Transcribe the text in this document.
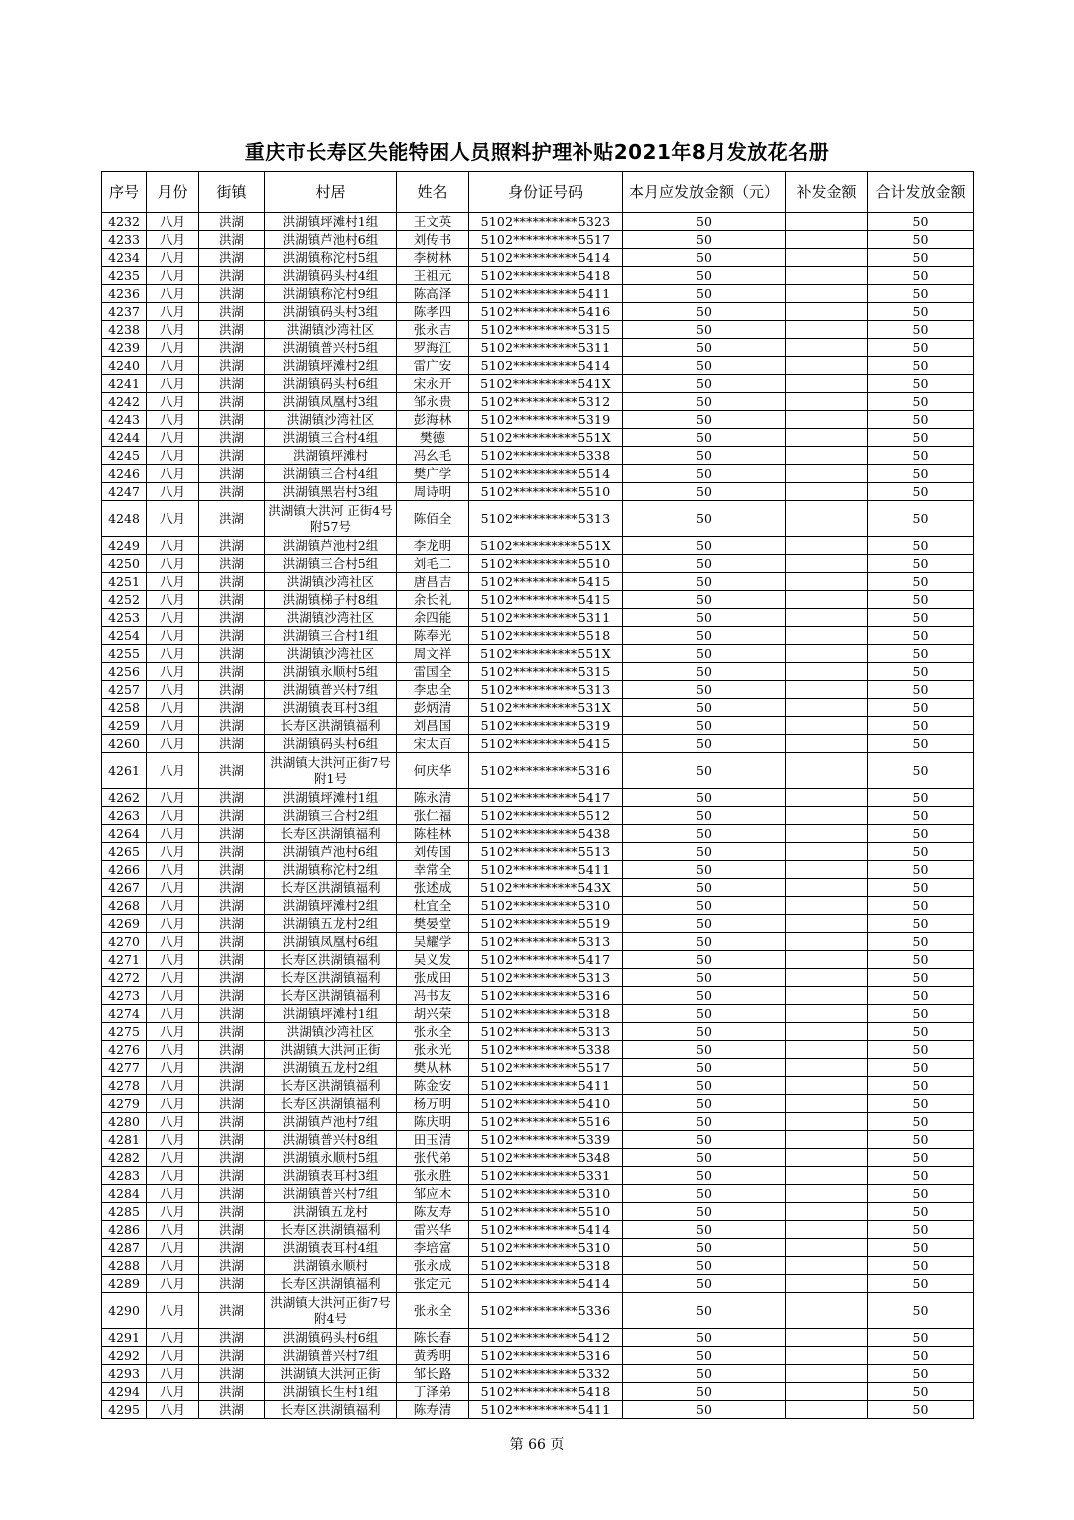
重庆市长寿区失能特困人员照料护理补贴2021年8月发放花名册
序号	月份	街镇	村居	姓名	身份证号码	本月应发放金额（元）	补发金额	合计发放金额
4232	八月	洪湖	洪湖镇坪滩村1组	王文英	5102**********5323	50		50
4233	八月	洪湖	洪湖镇芦池村6组	刘传书	5102**********5517	50		50
4234	八月	洪湖	洪湖镇称沱村5组	李树林	5102**********5414	50		50
4235	八月	洪湖	洪湖镇码头村4组	王祖元	5102**********5418	50		50
4236	八月	洪湖	洪湖镇称沱村9组	陈高泽	5102**********5411	50		50
4237	八月	洪湖	洪湖镇码头村3组	陈孝四	5102**********5416	50		50
4238	八月	洪湖	洪湖镇沙湾社区	张永吉	5102**********5315	50		50
4239	八月	洪湖	洪湖镇普兴村5组	罗海江	5102**********5311	50		50
4240	八月	洪湖	洪湖镇坪滩村2组	雷广安	5102**********5414	50		50
4241	八月	洪湖	洪湖镇码头村6组	宋永开	5102**********541X	50		50
4242	八月	洪湖	洪湖镇凤凰村3组	邹永贵	5102**********5312	50		50
4243	八月	洪湖	洪湖镇沙湾社区	彭海林	5102**********5319	50		50
4244	八月	洪湖	洪湖镇三合村4组	樊德	5102**********551X	50		50
4245	八月	洪湖	洪湖镇坪滩村	冯幺毛	5102**********5338	50		50
4246	八月	洪湖	洪湖镇三合村4组	樊广学	5102**********5514	50		50
4247	八月	洪湖	洪湖镇黑岩村3组	周诗明	5102**********5510	50		50
4248	八月	洪湖	洪湖镇大洪河 正街4号附57号	陈佰全	5102**********5313	50		50
4249	八月	洪湖	洪湖镇芦池村2组	李龙明	5102**********551X	50		50
4250	八月	洪湖	洪湖镇三合村5组	刘毛二	5102**********5510	50		50
4251	八月	洪湖	洪湖镇沙湾社区	唐昌吉	5102**********5415	50		50
4252	八月	洪湖	洪湖镇梯子村8组	余长礼	5102**********5415	50		50
4253	八月	洪湖	洪湖镇沙湾社区	余四能	5102**********5311	50		50
4254	八月	洪湖	洪湖镇三合村1组	陈奉光	5102**********5518	50		50
4255	八月	洪湖	洪湖镇沙湾社区	周文祥	5102**********551X	50		50
4256	八月	洪湖	洪湖镇永顺村5组	雷国全	5102**********5315	50		50
4257	八月	洪湖	洪湖镇普兴村7组	李忠全	5102**********5313	50		50
4258	八月	洪湖	洪湖镇表耳村3组	彭炳清	5102**********531X	50		50
4259	八月	洪湖	长寿区洪湖镇福利	刘昌国	5102**********5319	50		50
4260	八月	洪湖	洪湖镇码头村6组	宋太百	5102**********5415	50		50
4261	八月	洪湖	洪湖镇大洪河正街7号附1号	何庆华	5102**********5316	50		50
4262	八月	洪湖	洪湖镇坪滩村1组	陈永清	5102**********5417	50		50
4263	八月	洪湖	洪湖镇三合村2组	张仁福	5102**********5512	50		50
4264	八月	洪湖	长寿区洪湖镇福利	陈桂林	5102**********5438	50		50
4265	八月	洪湖	洪湖镇芦池村6组	刘传国	5102**********5513	50		50
4266	八月	洪湖	洪湖镇称沱村2组	幸常全	5102**********5411	50		50
4267	八月	洪湖	长寿区洪湖镇福利	张述成	5102**********543X	50		50
4268	八月	洪湖	洪湖镇坪滩村2组	杜宜全	5102**********5310	50		50
4269	八月	洪湖	洪湖镇五龙村2组	樊晏堂	5102**********5519	50		50
4270	八月	洪湖	洪湖镇凤凰村6组	吴耀学	5102**********5313	50		50
4271	八月	洪湖	长寿区洪湖镇福利	吴义发	5102**********5417	50		50
4272	八月	洪湖	长寿区洪湖镇福利	张成田	5102**********5313	50		50
4273	八月	洪湖	长寿区洪湖镇福利	冯书友	5102**********5316	50		50
4274	八月	洪湖	洪湖镇坪滩村1组	胡兴荣	5102**********5318	50		50
4275	八月	洪湖	洪湖镇沙湾社区	张永全	5102**********5313	50		50
4276	八月	洪湖	洪湖镇大洪河正街	张永光	5102**********5338	50		50
4277	八月	洪湖	洪湖镇五龙村2组	樊从林	5102**********5517	50		50
4278	八月	洪湖	长寿区洪湖镇福利	陈金安	5102**********5411	50		50
4279	八月	洪湖	长寿区洪湖镇福利	杨万明	5102**********5410	50		50
4280	八月	洪湖	洪湖镇芦池村7组	陈庆明	5102**********5516	50		50
4281	八月	洪湖	洪湖镇普兴村8组	田玉清	5102**********5339	50		50
4282	八月	洪湖	洪湖镇永顺村5组	张代弟	5102**********5348	50		50
4283	八月	洪湖	洪湖镇表耳村3组	张永胜	5102**********5331	50		50
4284	八月	洪湖	洪湖镇普兴村7组	邹应木	5102**********5310	50		50
4285	八月	洪湖	洪湖镇五龙村	陈友寿	5102**********5510	50		50
4286	八月	洪湖	长寿区洪湖镇福利	雷兴华	5102**********5414	50		50
4287	八月	洪湖	洪湖镇表耳村4组	李培富	5102**********5310	50		50
4288	八月	洪湖	洪湖镇永顺村	张永成	5102**********5318	50		50
4289	八月	洪湖	长寿区洪湖镇福利	张定元	5102**********5414	50		50
4290	八月	洪湖	洪湖镇大洪河正街7号附4号	张永全	5102**********5336	50		50
4291	八月	洪湖	洪湖镇码头村6组	陈长春	5102**********5412	50		50
4292	八月	洪湖	洪湖镇普兴村7组	黄秀明	5102**********5316	50		50
4293	八月	洪湖	洪湖镇大洪河正街	邹长路	5102**********5332	50		50
4294	八月	洪湖	洪湖镇长生村1组	丁泽弟	5102**********5418	50		50
4295	八月	洪湖	长寿区洪湖镇福利	陈寿清	5102**********5411	50		50
第 66 页
